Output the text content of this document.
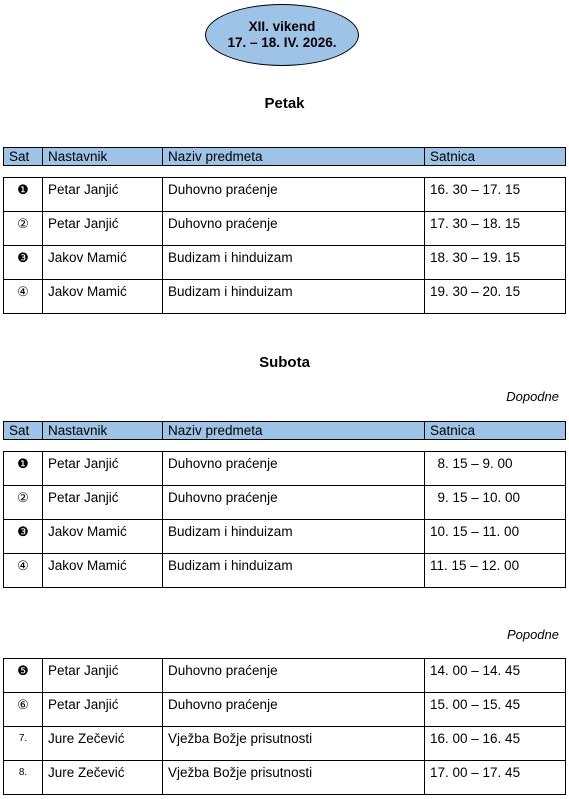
XII. vikend
17. – 18. IV. 2026.
Petak
Sat	Nastavnik	Naziv predmeta	Satnica
❶	Petar Janjić	Duhovno praćenje	16. 30 – 17. 15
②	Petar Janjić	Duhovno praćenje	17. 30 – 18. 15
❸	Jakov Mamić	Budizam i hinduizam	18. 30 – 19. 15
④	Jakov Mamić	Budizam i hinduizam	19. 30 – 20. 15
Subota
Dopodne
Sat	Nastavnik	Naziv predmeta	Satnica
❶	Petar Janjić	Duhovno praćenje	8. 15 – 9. 00
②	Petar Janjić	Duhovno praćenje	9. 15 – 10. 00
❸	Jakov Mamić	Budizam i hinduizam	10. 15 – 11. 00
④	Jakov Mamić	Budizam i hinduizam	11. 15 – 12. 00
Popodne
❺	Petar Janjić	Duhovno praćenje	14. 00 – 14. 45
⑥	Petar Janjić	Duhovno praćenje	15. 00 – 15. 45
7.	Jure Zečević	Vježba Božje prisutnosti	16. 00 – 16. 45
8.	Jure Zečević	Vježba Božje prisutnosti	17. 00 – 17. 45
